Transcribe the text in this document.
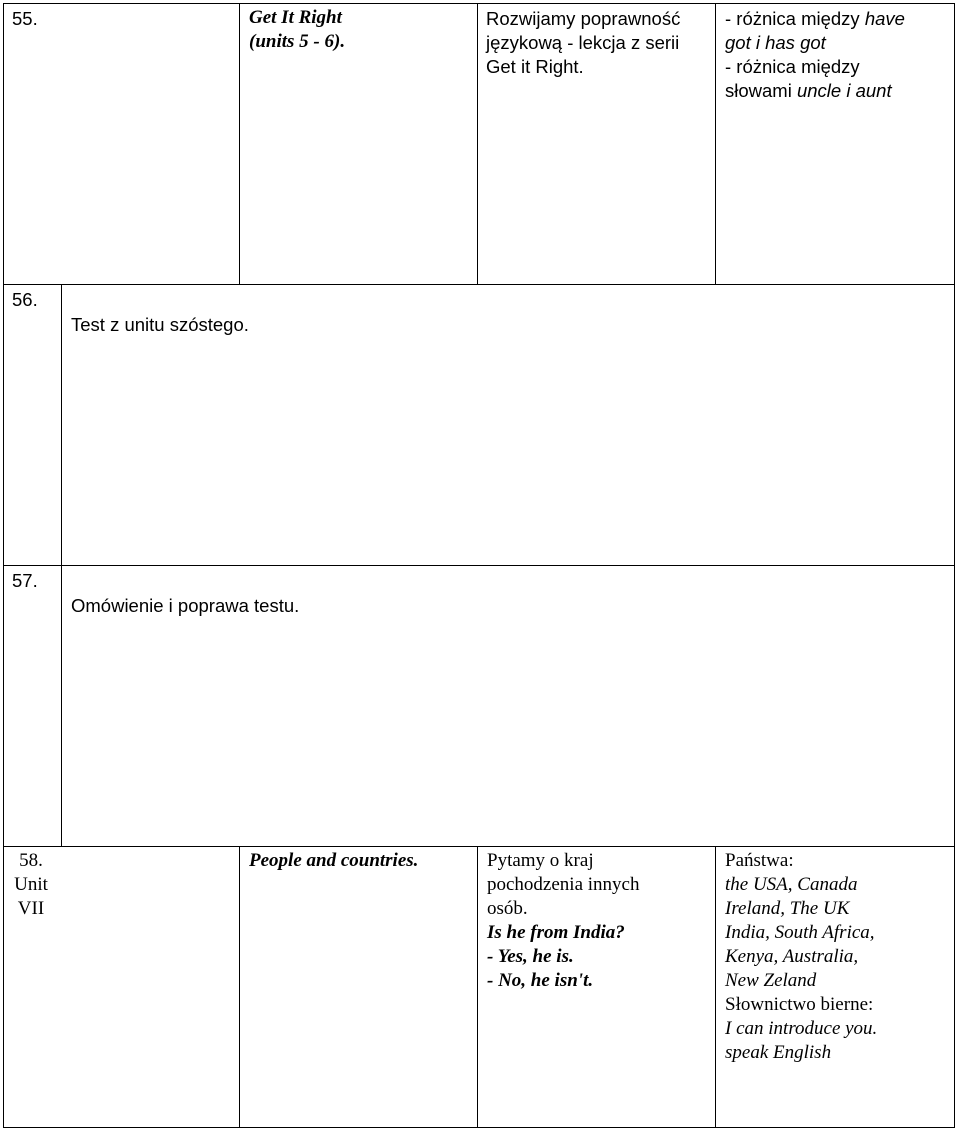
55.	Get It Right
(units 5 - 6).
Rozwijamy poprawność
językową - lekcja z serii
Get it Right.
- różnica między have
got i has got
- różnica między
słowami uncle i aunt
56.
Test z unitu szóstego.
57.
Omówienie i poprawa testu.
58.
Unit
VII
People and countries.	Pytamy o kraj
pochodzenia innych
osób.
Is he from India?
- Yes, he is.
- No, he isn't.
Państwa:
the USA, Canada
Ireland, The UK
India, South Africa,
Kenya, Australia,
New Zeland
Słownictwo bierne:
I can introduce you.
speak English
